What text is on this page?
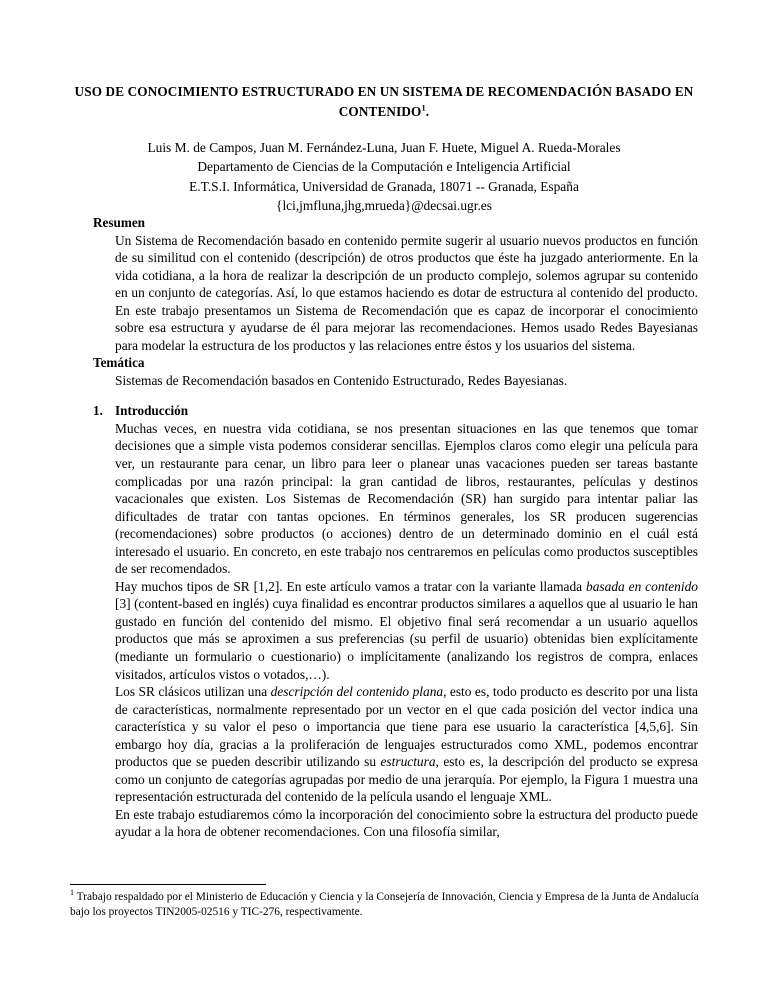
USO DE CONOCIMIENTO ESTRUCTURADO EN UN SISTEMA DE RECOMENDACIÓN BASADO EN CONTENIDO$^1$.
Luis M. de Campos, Juan M. Fernández-Luna, Juan F. Huete, Miguel A. Rueda-Morales
Departamento de Ciencias de la Computación e Inteligencia Artificial
E.T.S.I. Informática, Universidad de Granada, 18071 -- Granada, España
{lci,jmfluna,jhg,mrueda}@decsai.ugr.es
Resumen

Un Sistema de Recomendación basado en contenido permite sugerir al usuario nuevos productos en función de su similitud con el contenido (descripción) de otros productos que éste ha juzgado anteriormente. En la vida cotidiana, a la hora de realizar la descripción de un producto complejo, solemos agrupar su contenido en un conjunto de categorías. Así, lo que estamos haciendo es dotar de estructura al contenido del producto. En este trabajo presentamos un Sistema de Recomendación que es capaz de incorporar el conocimiento sobre esa estructura y ayudarse de él para mejorar las recomendaciones. Hemos usado Redes Bayesianas para modelar la estructura de los productos y las relaciones entre éstos y los usuarios del sistema.

Temática

Sistemas de Recomendación basados en Contenido Estructurado, Redes Bayesianas.

1. Introducción

Muchas veces, en nuestra vida cotidiana, se nos presentan situaciones en las que tenemos que tomar decisiones que a simple vista podemos considerar sencillas. Ejemplos claros como elegir una película para ver, un restaurante para cenar, un libro para leer o planear unas vacaciones pueden ser tareas bastante complicadas por una razón principal: la gran cantidad de libros, restaurantes, películas y destinos vacacionales que existen. Los Sistemas de Recomendación (SR) han surgido para intentar paliar las dificultades de tratar con tantas opciones. En términos generales, los SR producen sugerencias (recomendaciones) sobre productos (o acciones) dentro de un determinado dominio en el cuál está interesado el usuario. En concreto, en este trabajo nos centraremos en películas como productos susceptibles de ser recomendados.

Hay muchos tipos de SR [1,2]. En este artículo vamos a tratar con la variante llamada basada en contenido [3] (content-based en inglés) cuya finalidad es encontrar productos similares a aquellos que al usuario le han gustado en función del contenido del mismo. El objetivo final será recomendar a un usuario aquellos productos que más se aproximen a sus preferencias (su perfil de usuario) obtenidas bien explícitamente (mediante un formulario o cuestionario) o implícitamente (analizando los registros de compra, enlaces visitados, artículos vistos o votados,…).

Los SR clásicos utilizan una descripción del contenido plana, esto es, todo producto es descrito por una lista de características, normalmente representado por un vector en el que cada posición del vector indica una característica y su valor el peso o importancia que tiene para ese usuario la característica [4,5,6]. Sin embargo hoy día, gracias a la proliferación de lenguajes estructurados como XML, podemos encontrar productos que se pueden describir utilizando su estructura, esto es, la descripción del producto se expresa como un conjunto de categorías agrupadas por medio de una jerarquía. Por ejemplo, la Figura 1 muestra una representación estructurada del contenido de la película usando el lenguaje XML.

En este trabajo estudiaremos cómo la incorporación del conocimiento sobre la estructura del producto puede ayudar a la hora de obtener recomendaciones. Con una filosofía similar,

$^1$ Trabajo respaldado por el Ministerio de Educación y Ciencia y la Consejería de Innovación, Ciencia y Empresa de la Junta de Andalucía bajo los proyectos TIN2005-02516 y TIC-276, respectivamente.
